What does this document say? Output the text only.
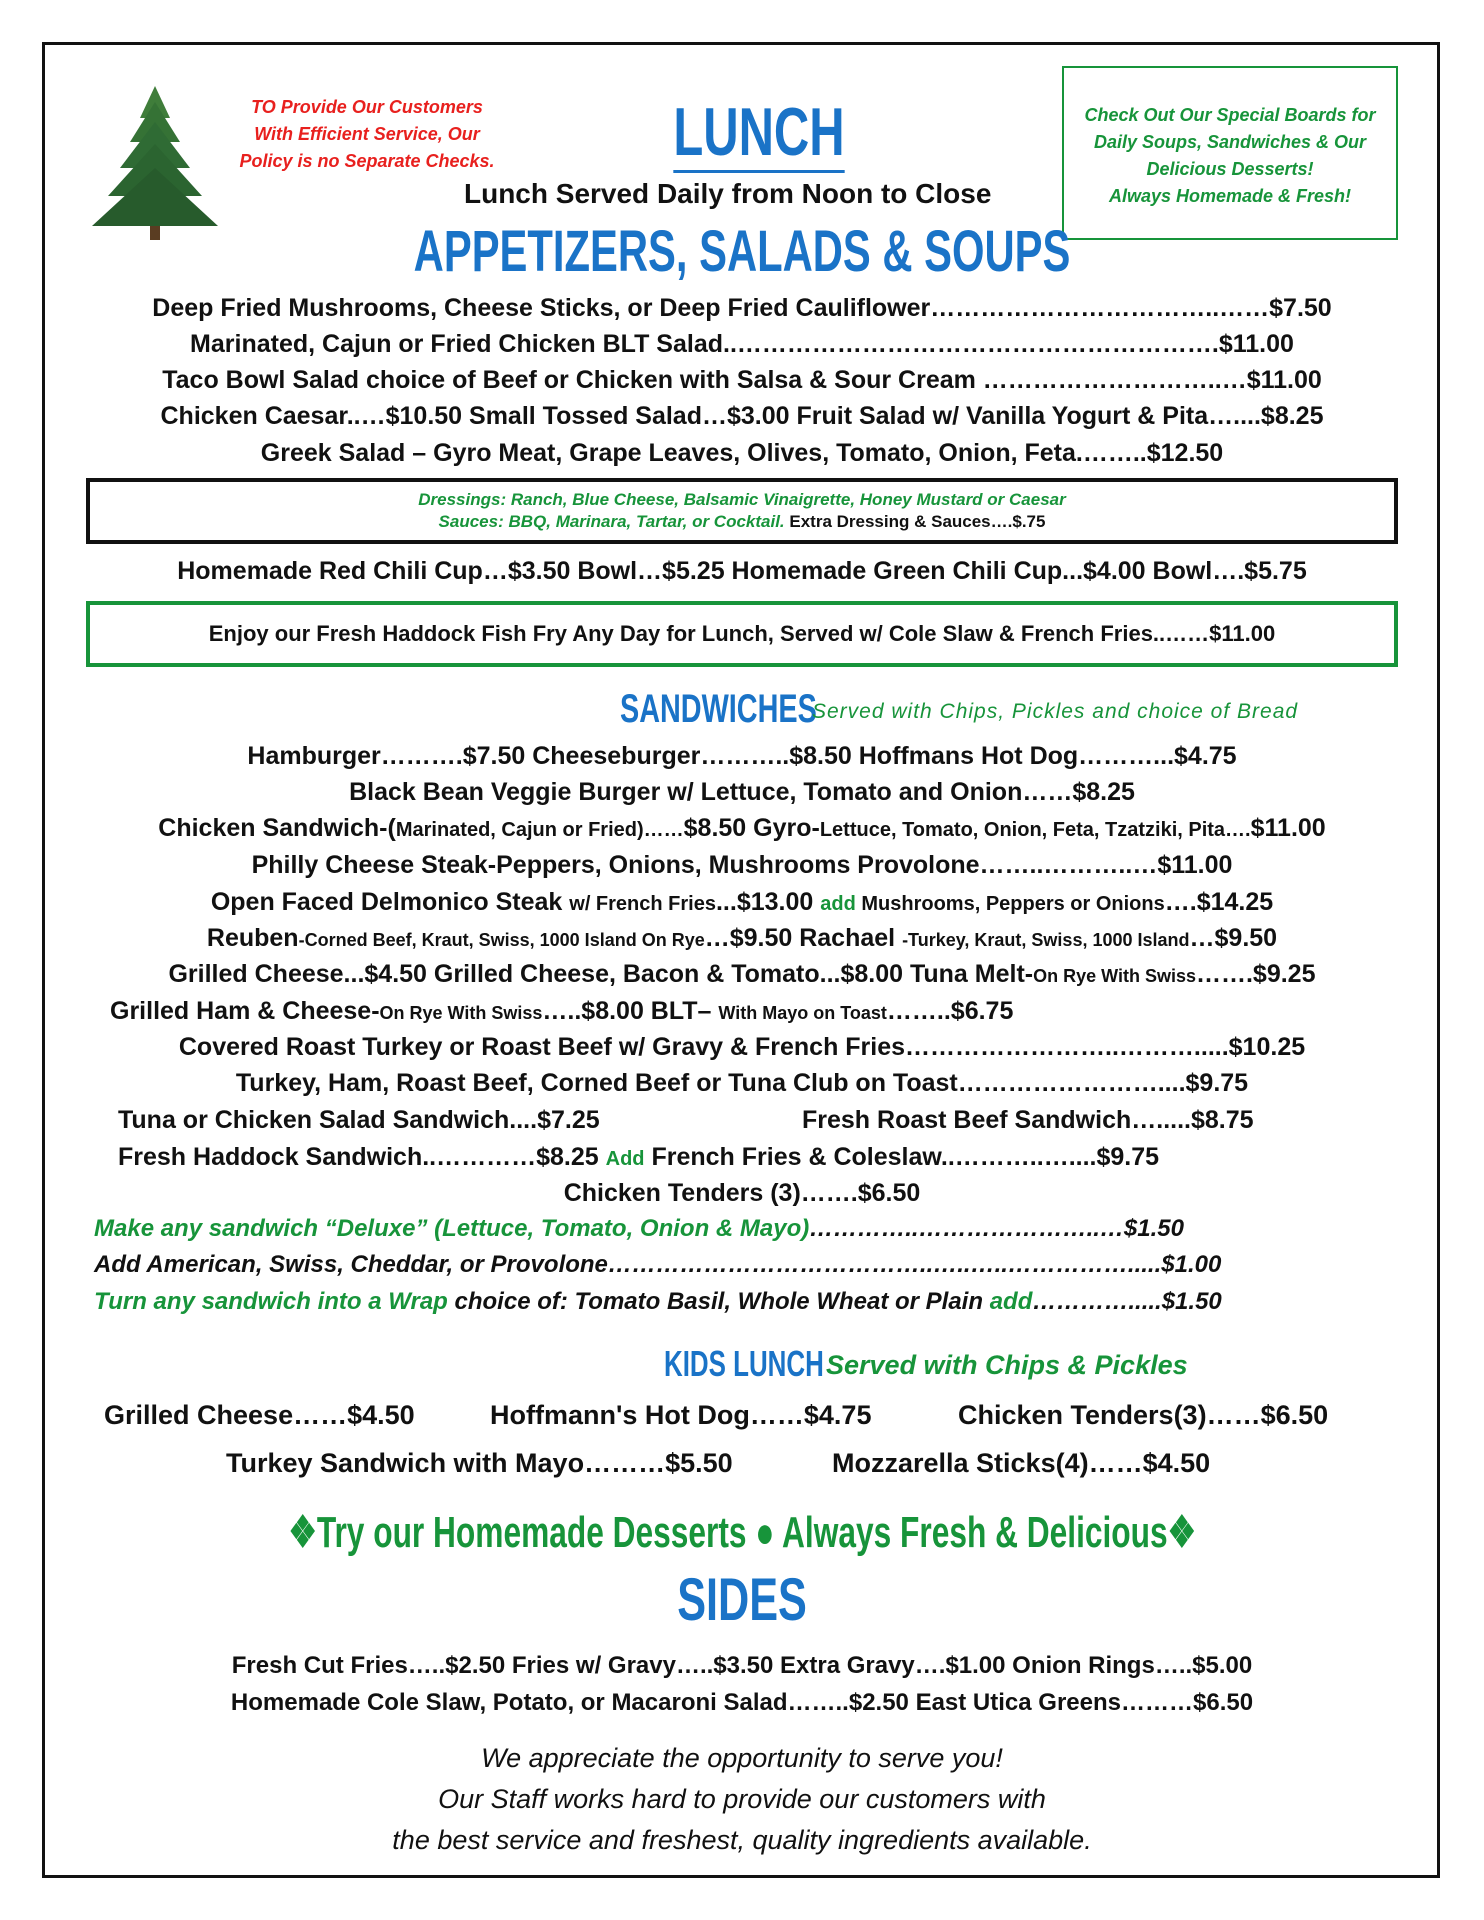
TO Provide Our Customers
With Efficient Service, Our
Policy is no Separate Checks.	LUNCH
Lunch Served Daily from Noon to Close
Check Out Our Special Boards for
Daily Soups, Sandwiches & Our
Delicious Desserts!
Always Homemade & Fresh!
APPETIZERS, SALADS & SOUPS
Deep Fried Mushrooms, Cheese Sticks, or Deep Fried Cauliflower……………………………..……$7.50
Marinated, Cajun or Fried Chicken BLT Salad..………………………………………………….$11.00
Taco Bowl Salad choice of Beef or Chicken with Salsa & Sour Cream ………………………..…$11.00
Chicken Caesar..…$10.50 Small Tossed Salad…$3.00 Fruit Salad w/ Vanilla Yogurt & Pita…....$8.25
Greek Salad – Gyro Meat, Grape Leaves, Olives, Tomato, Onion, Feta.……..$12.50
Dressings: Ranch, Blue Cheese, Balsamic Vinaigrette, Honey Mustard or Caesar
Sauces: BBQ, Marinara, Tartar, or Cocktail. Extra Dressing & Sauces….$.75
Homemade Red Chili Cup…$3.50 Bowl…$5.25 Homemade Green Chili Cup...$4.00 Bowl….$5.75
Enjoy our Fresh Haddock Fish Fry Any Day for Lunch, Served w/ Cole Slaw & French Fries..……$11.00
SANDWICHES
Served with Chips, Pickles and choice of Bread
Hamburger……….$7.50 Cheeseburger………..$8.50 Hoffmans Hot Dog………...$4.75
Black Bean Veggie Burger w/ Lettuce, Tomato and Onion……$8.25
Chicken Sandwich-(Marinated, Cajun or Fried)……$8.50 Gyro-Lettuce, Tomato, Onion, Feta, Tzatziki, Pita….$11.00
Philly Cheese Steak-Peppers, Onions, Mushrooms Provolone……..………..…$11.00
Open Faced Delmonico Steak w/ French Fries...$13.00 add Mushrooms, Peppers or Onions….$14.25
Reuben-Corned Beef, Kraut, Swiss, 1000 Island On Rye…$9.50 Rachael -Turkey, Kraut, Swiss, 1000 Island…$9.50
Grilled Cheese...$4.50 Grilled Cheese, Bacon & Tomato...$8.00 Tuna Melt-On Rye With Swiss…….$9.25
Grilled Ham & Cheese-On Rye With Swiss…..$8.00 BLT– With Mayo on Toast……..$6.75
Covered Roast Turkey or Roast Beef w/ Gravy & French Fries……………………..……….....$10.25
Turkey, Ham, Roast Beef, Corned Beef or Tuna Club on Toast……………………....$9.75
Tuna or Chicken Salad Sandwich....$7.25	Fresh Roast Beef Sandwich….....$8.75
Fresh Haddock Sandwich..…………$8.25 Add French Fries & Coleslaw..………..…....$9.75
Chicken Tenders (3)…….$6.50
Make any sandwich “Deluxe” (Lettuce, Tomato, Onion & Mayo)…………..…………………..…$1.50
Add American, Swiss, Cheddar, or Provolone…………………………………..…..…..…………….....$1.00
Turn any sandwich into a Wrap choice of: Tomato Basil, Whole Wheat or Plain add………….....$1.50
KIDS LUNCH Served with Chips & Pickles
Grilled Cheese……$4.50	Hoffmann's Hot Dog……$4.75	Chicken Tenders(3)……$6.50
Turkey Sandwich with Mayo………$5.50	Mozzarella Sticks(4)……$4.50
❖Try our Homemade Desserts ● Always Fresh & Delicious❖
SIDES
Fresh Cut Fries…..$2.50 Fries w/ Gravy…..$3.50 Extra Gravy….$1.00 Onion Rings…..$5.00
Homemade Cole Slaw, Potato, or Macaroni Salad……..$2.50 East Utica Greens………$6.50
We appreciate the opportunity to serve you!
Our Staff works hard to provide our customers with
the best service and freshest, quality ingredients available.
